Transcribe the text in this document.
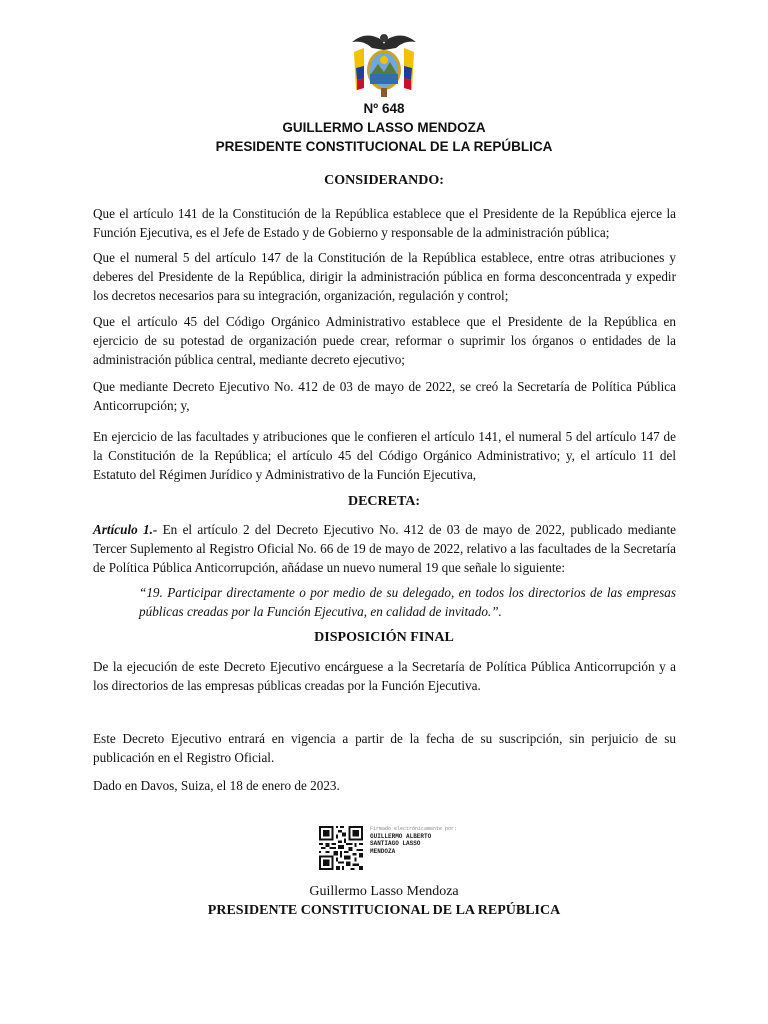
Nº 648
GUILLERMO LASSO MENDOZA
PRESIDENTE CONSTITUCIONAL DE LA REPÚBLICA
CONSIDERANDO:
Que el artículo 141 de la Constitución de la República establece que el Presidente de la República ejerce la Función Ejecutiva, es el Jefe de Estado y de Gobierno y responsable de la administración pública;
Que el numeral 5 del artículo 147 de la Constitución de la República establece, entre otras atribuciones y deberes del Presidente de la República, dirigir la administración pública en forma desconcentrada y expedir los decretos necesarios para su integración, organización, regulación y control;
Que el artículo 45 del Código Orgánico Administrativo establece que el Presidente de la República en ejercicio de su potestad de organización puede crear, reformar o suprimir los órganos o entidades de la administración pública central, mediante decreto ejecutivo;
Que mediante Decreto Ejecutivo No. 412 de 03 de mayo de 2022, se creó la Secretaría de Política Pública Anticorrupción; y,
En ejercicio de las facultades y atribuciones que le confieren el artículo 141, el numeral 5 del artículo 147 de la Constitución de la República; el artículo 45 del Código Orgánico Administrativo; y, el artículo 11 del Estatuto del Régimen Jurídico y Administrativo de la Función Ejecutiva,
DECRETA:
Artículo 1.- En el artículo 2 del Decreto Ejecutivo No. 412 de 03 de mayo de 2022, publicado mediante Tercer Suplemento al Registro Oficial No. 66 de 19 de mayo de 2022, relativo a las facultades de la Secretaría de Política Pública Anticorrupción, añádase un nuevo numeral 19 que señale lo siguiente:
“19. Participar directamente o por medio de su delegado, en todos los directorios de las empresas públicas creadas por la Función Ejecutiva, en calidad de invitado.”.
DISPOSICIÓN FINAL
De la ejecución de este Decreto Ejecutivo encárguese a la Secretaría de Política Pública Anticorrupción y a los directorios de las empresas públicas creadas por la Función Ejecutiva.
Este Decreto Ejecutivo entrará en vigencia a partir de la fecha de su suscripción, sin perjuicio de su publicación en el Registro Oficial.
Dado en Davos, Suiza, el 18 de enero de 2023.
Firmado electrónicamente por:
GUILLERMO ALBERTO
SANTIAGO LASSO
MENDOZA
Guillermo Lasso Mendoza
PRESIDENTE CONSTITUCIONAL DE LA REPÚBLICA
